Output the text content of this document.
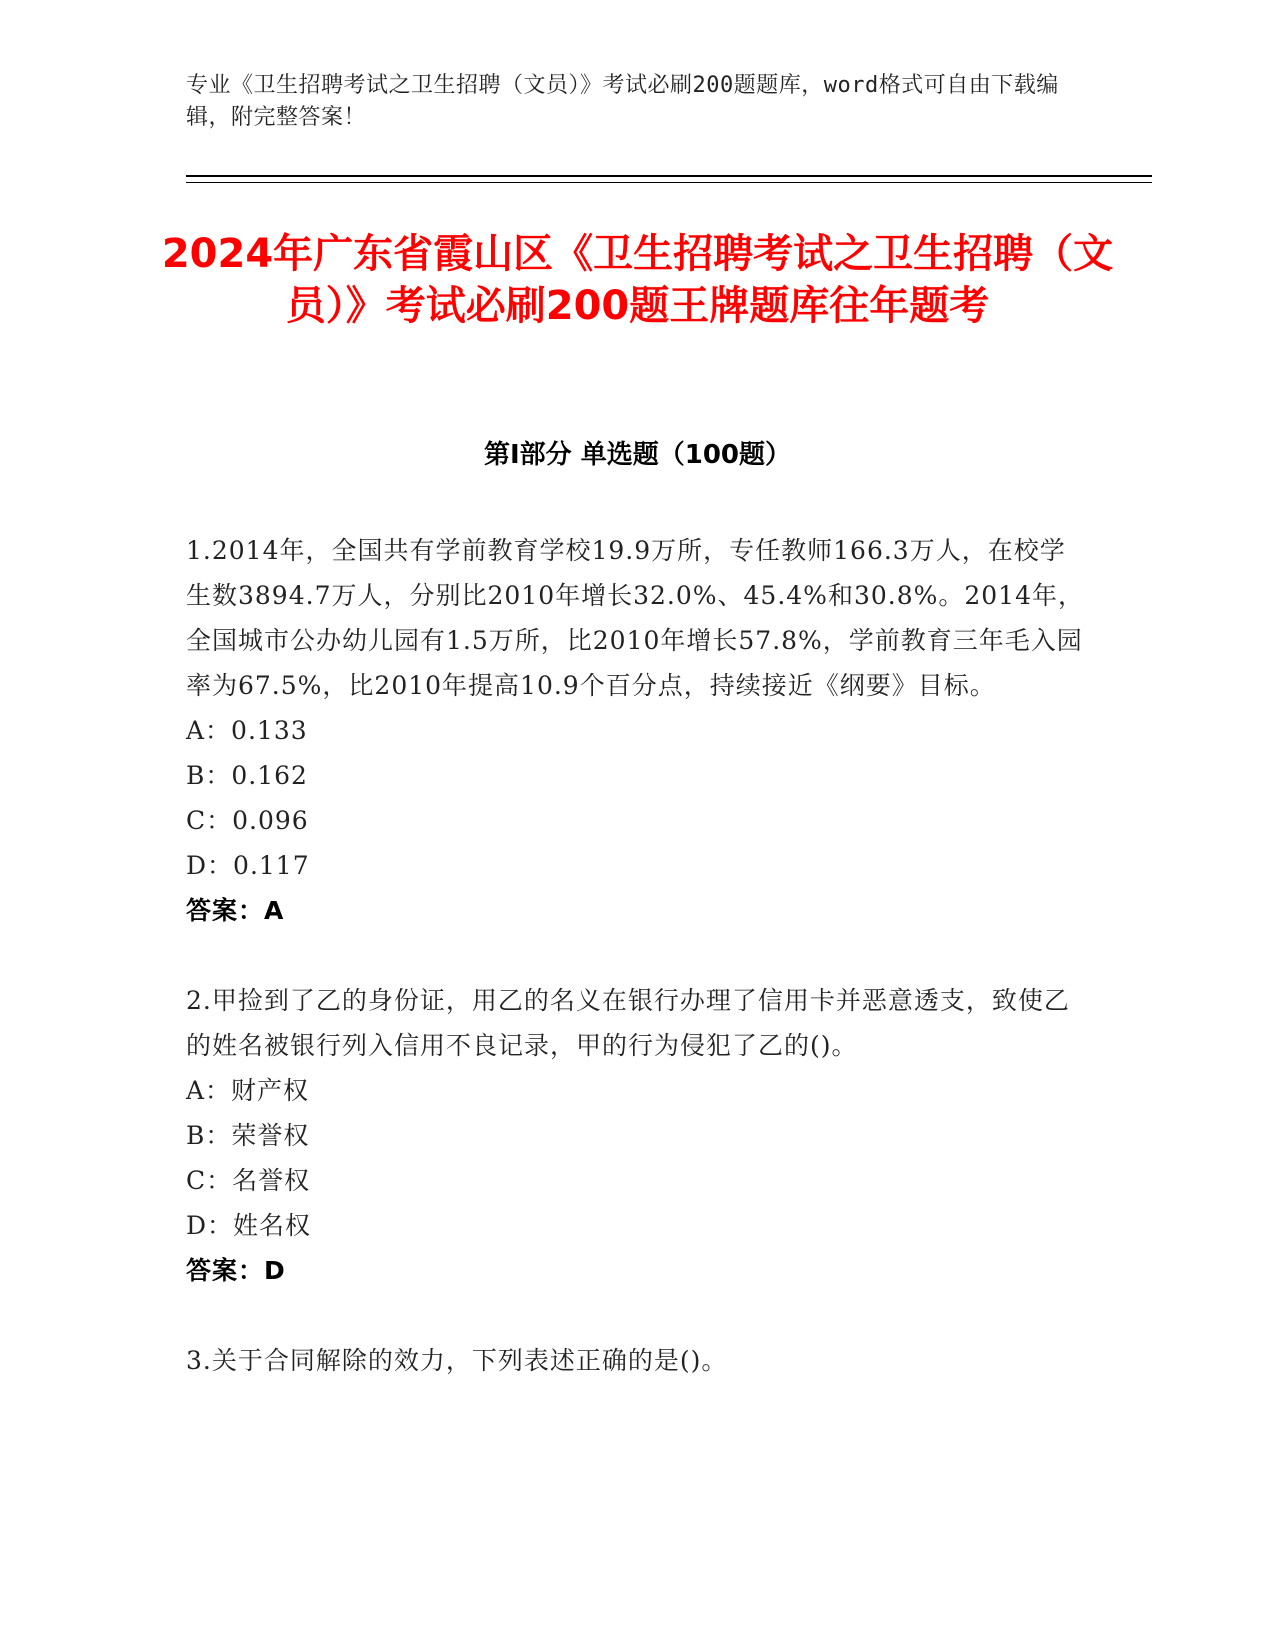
专业《卫生招聘考试之卫生招聘（文员）》考试必刷200题题库，word格式可自由下载编辑，附完整答案！
2024年广东省霞山区《卫生招聘考试之卫生招聘（文员）》考试必刷200题王牌题库往年题考
第I部分 单选题（100题）

1.2014年，全国共有学前教育学校19.9万所，专任教师166.3万人，在校学生数3894.7万人，分别比2010年增长32.0%、45.4%和30.8%。2014年，全国城市公办幼儿园有1.5万所，比2010年增长57.8%，学前教育三年毛入园率为67.5%，比2010年提高10.9个百分点，持续接近《纲要》目标。

A：0.133

B：0.162

C：0.096

D：0.117

答案：A

2.甲捡到了乙的身份证，用乙的名义在银行办理了信用卡并恶意透支，致使乙的姓名被银行列入信用不良记录，甲的行为侵犯了乙的()。

A：财产权

B：荣誉权

C：名誉权

D：姓名权

答案：D

3.关于合同解除的效力，下列表述正确的是()。
